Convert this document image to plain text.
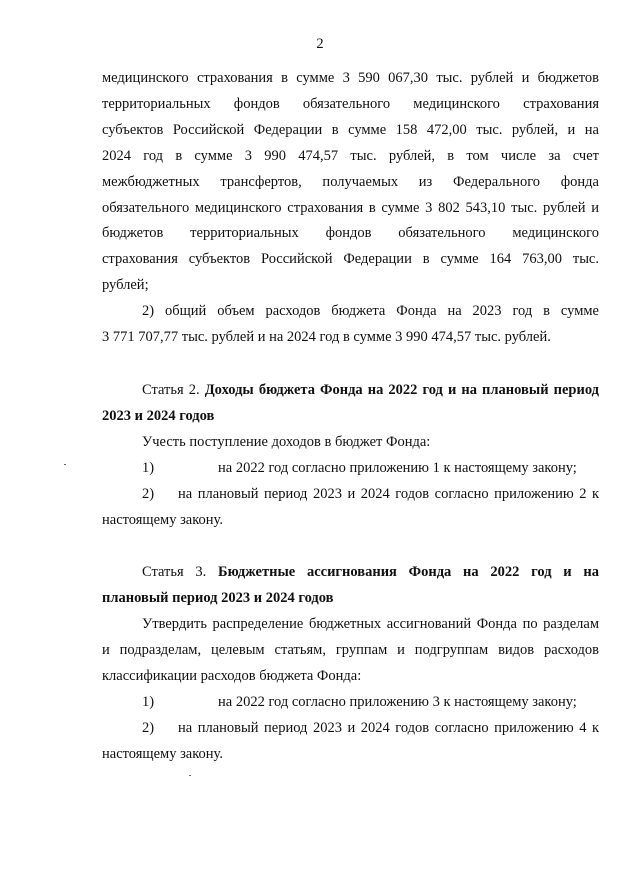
2
медицинского страхования в сумме 3 590 067,30 тыс. рублей и бюджетов
территориальных фондов обязательного медицинского страхования
субъектов Российской Федерации в сумме 158 472,00 тыс. рублей, и на
2024 год в сумме 3 990 474,57 тыс. рублей, в том числе за счет
межбюджетных трансфертов, получаемых из Федерального фонда
обязательного медицинского страхования в сумме 3 802 543,10 тыс. рублей и
бюджетов территориальных фондов обязательного медицинского
страхования субъектов Российской Федерации в сумме 164 763,00 тыс.
рублей;
2) общий объем расходов бюджета Фонда на 2023 год в сумме
3 771 707,77 тыс. рублей и на 2024 год в сумме 3 990 474,57 тыс. рублей.
Статья 2. Доходы бюджета Фонда на 2022 год и на плановый период
2023 и 2024 годов
Учесть поступление доходов в бюджет Фонда:
1)	на 2022 год согласно приложению 1 к настоящему закону;
2) на плановый период 2023 и 2024 годов согласно приложению 2 к
настоящему закону.
Статья 3. Бюджетные ассигнования Фонда на 2022 год и на
плановый период 2023 и 2024 годов
Утвердить распределение бюджетных ассигнований Фонда по разделам
и подразделам, целевым статьям, группам и подгруппам видов расходов
классификации расходов бюджета Фонда:
1)	на 2022 год согласно приложению 3 к настоящему закону;
2) на плановый период 2023 и 2024 годов согласно приложению 4 к
настоящему закону.
